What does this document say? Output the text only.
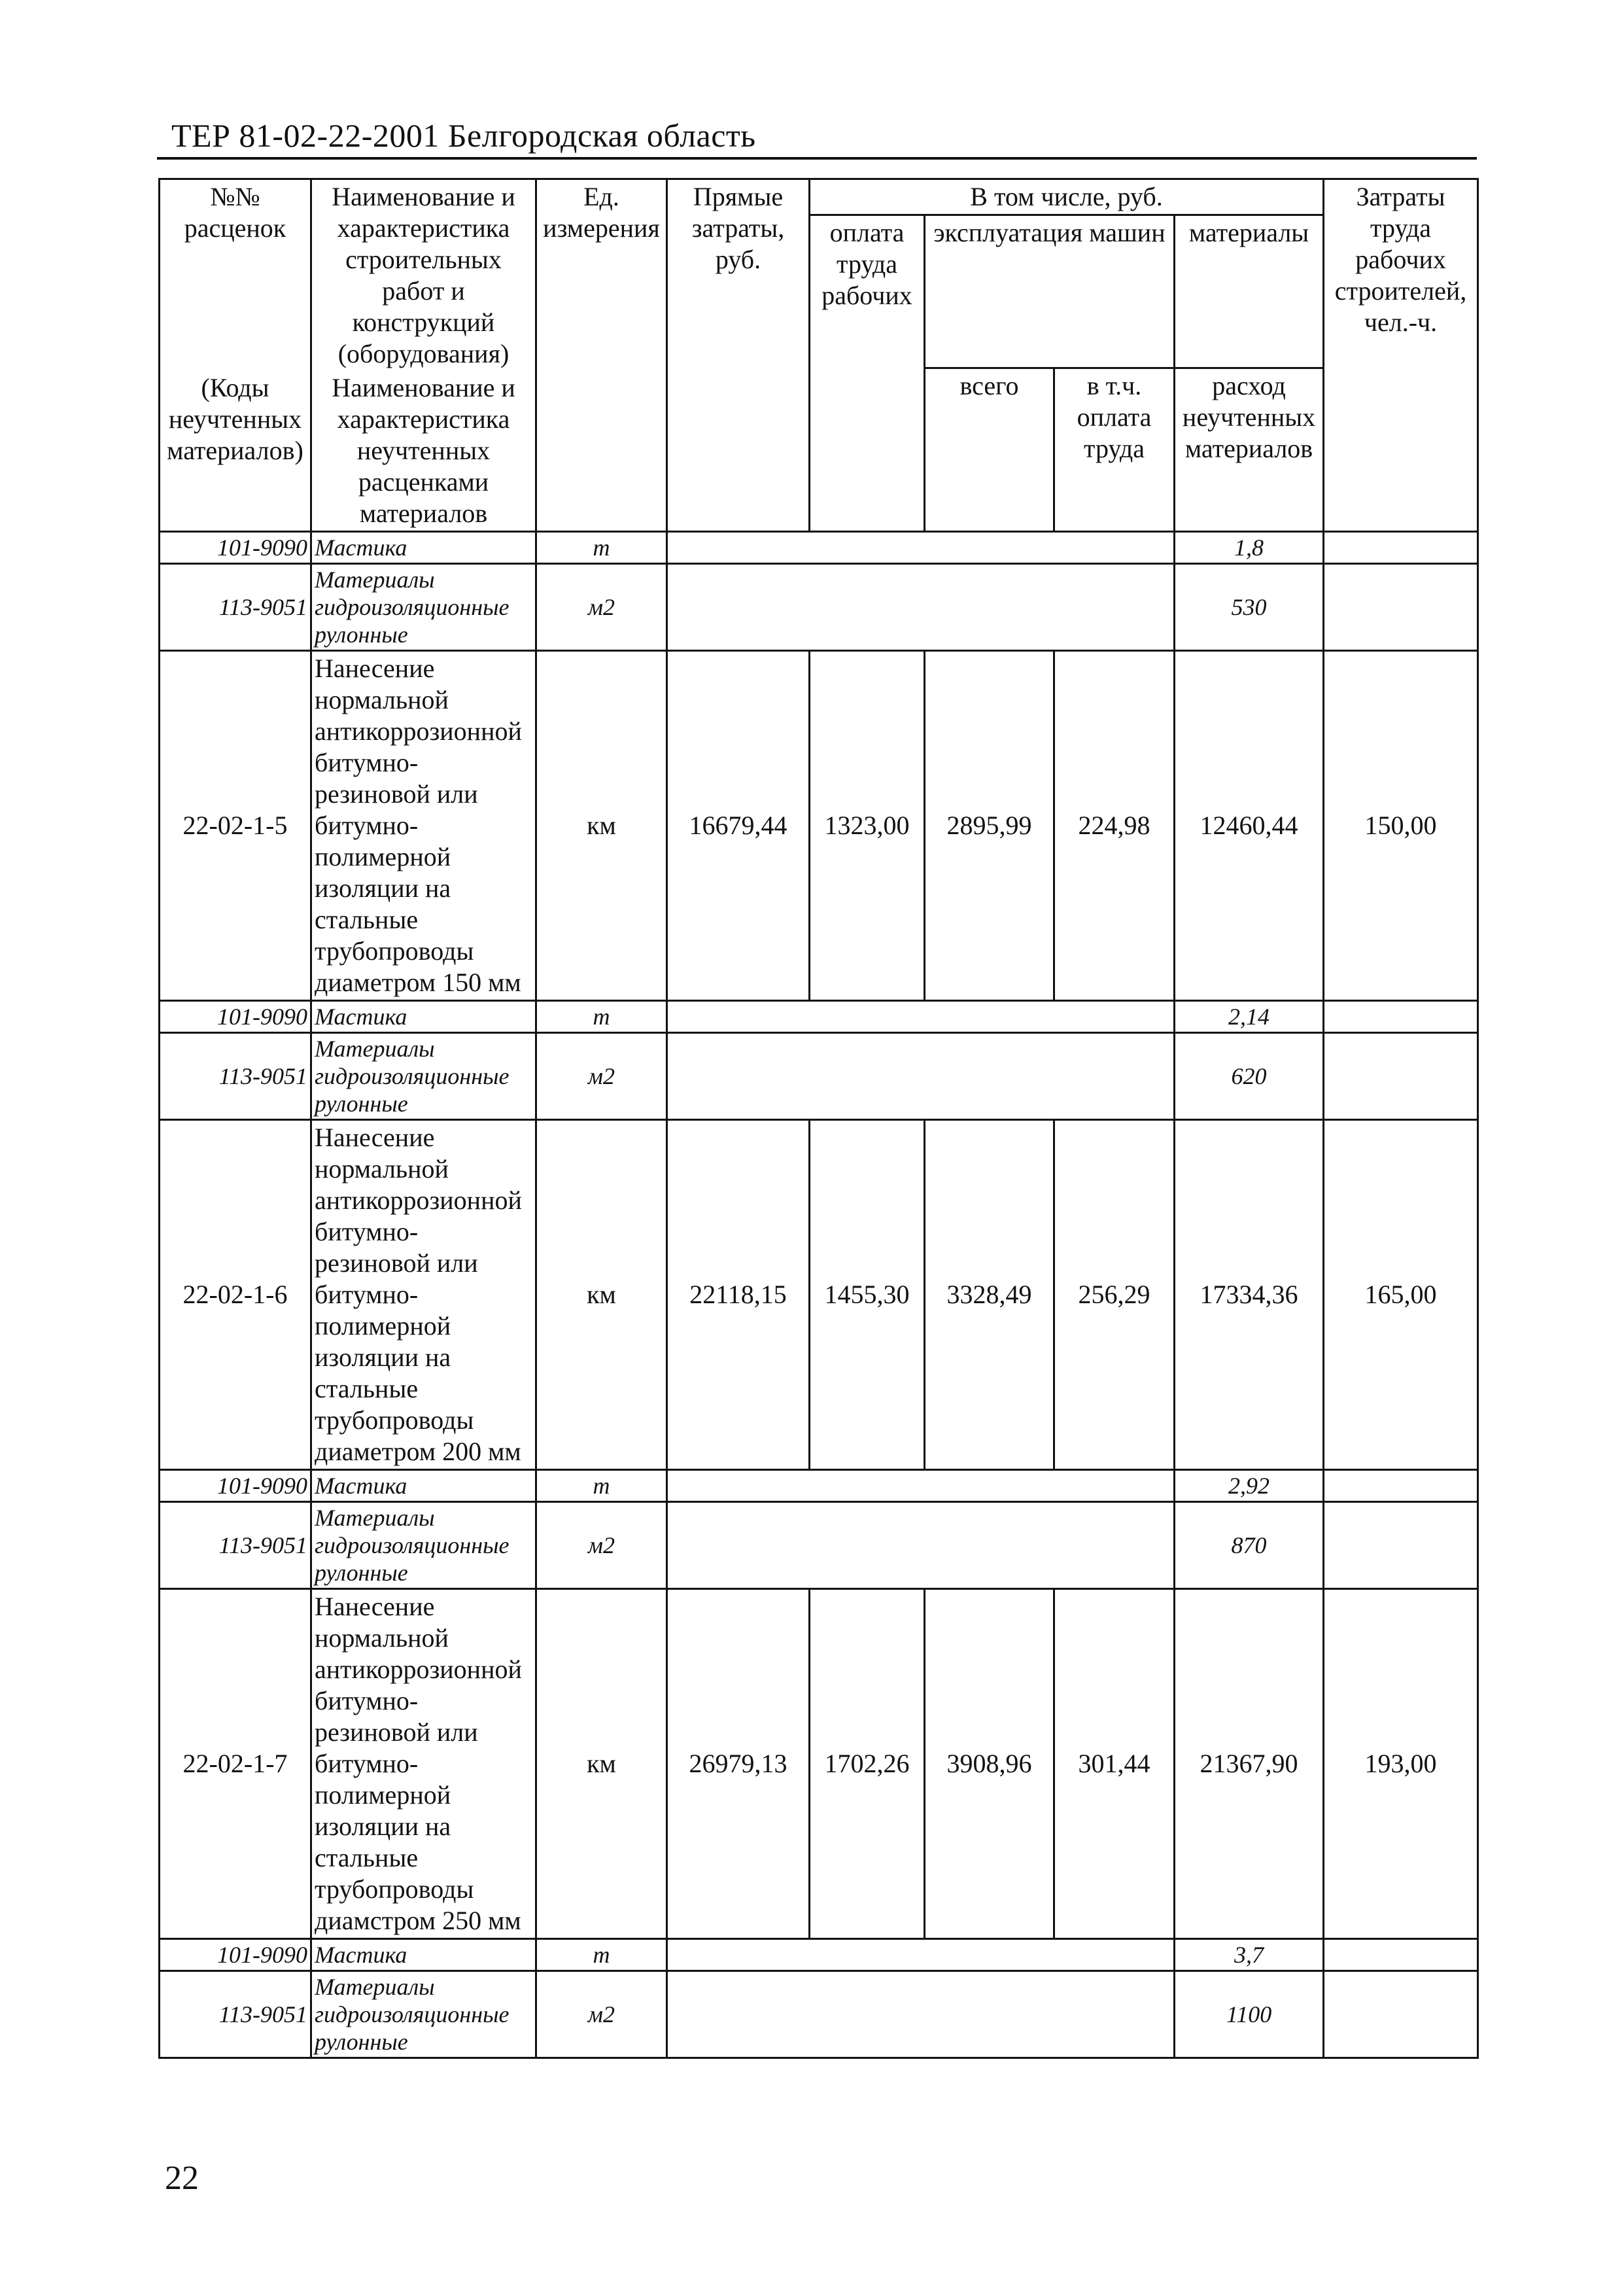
ТЕР 81-02-22-2001 Белгородская область
№№ расценок	Наименование и характеристика строительных работ и конструкций (оборудования)	Ед. измерения	Прямые затраты, руб.	В том числе, руб.				Затраты труда рабочих строителей, чел.-ч.
				оплата труда рабочих	эксплуатация машин		материалы	
					всего	в т.ч. оплата труда	расход неучтенных материалов	
(Коды неучтенных материалов)	Наименование и характеристика неучтенных расценками материалов							

101-9090	Мастика	т					1,8	
113-9051	Материалы гидроизоляционные рулонные	м2					530	
22-02-1-5	Нанесение нормальной антикоррозионной битумно-резиновой или битумно-полимерной изоляции на стальные трубопроводы диаметром 150 мм	км	16679,44	1323,00	2895,99	224,98	12460,44	150,00
101-9090	Мастика	т					2,14	
113-9051	Материалы гидроизоляционные рулонные	м2					620	
22-02-1-6	Нанесение нормальной антикоррозионной битумно-резиновой или битумно-полимерной изоляции на стальные трубопроводы диаметром 200 мм	км	22118,15	1455,30	3328,49	256,29	17334,36	165,00
101-9090	Мастика	т					2,92	
113-9051	Материалы гидроизоляционные рулонные	м2					870	
22-02-1-7	Нанесение нормальной антикоррозионной битумно-резиновой или битумно-полимерной изоляции на стальные трубопроводы диамстром 250 мм	км	26979,13	1702,26	3908,96	301,44	21367,90	193,00
101-9090	Мастика	т					3,7	
113-9051	Материалы гидроизоляционные рулонные	м2					1100	
22
